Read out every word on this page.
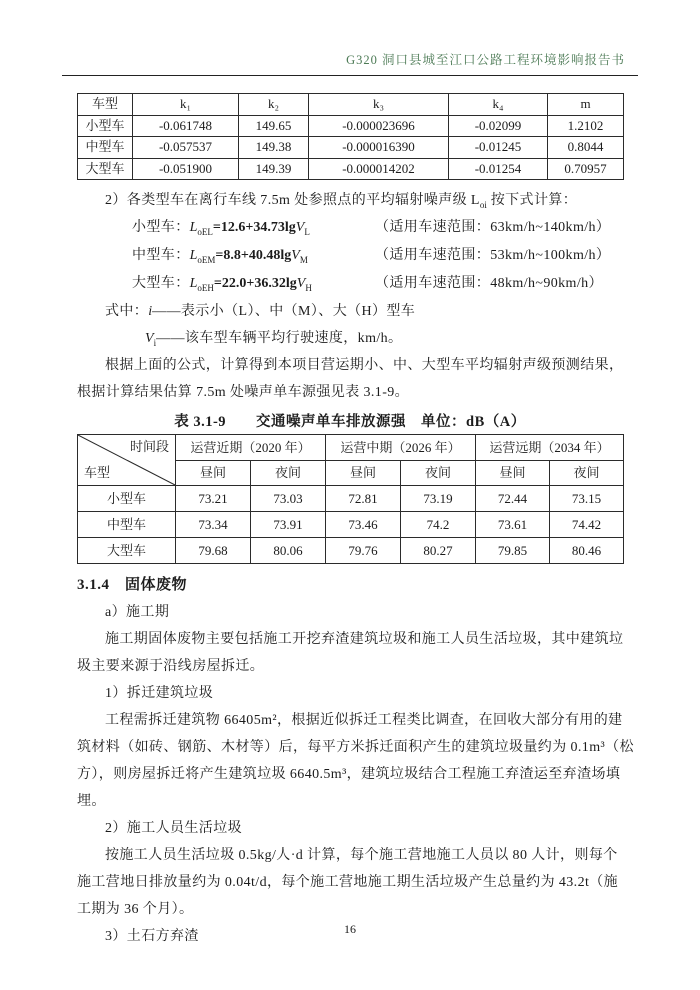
G320 洞口县城至江口公路工程环境影响报告书
车型	k₁	k₂	k₃	k₄	m
小型车	-0.061748	149.65	-0.000023696	-0.02099	1.2102
中型车	-0.057537	149.38	-0.000016390	-0.01245	0.8044
大型车	-0.051900	149.39	-0.000014202	-0.01254	0.70957
2）各类型车在离行车线 7.5m 处参照点的平均辐射噪声级 $L_{oi}$ 按下式计算：
小型车：$L_{oEL}=12.6+34.73\lg V_L$	（适用车速范围：63km/h~140km/h）
中型车：$L_{oEM}=8.8+40.48\lg V_M$	（适用车速范围：53km/h~100km/h）
大型车：$L_{oEH}=22.0+36.32\lg V_H$	（适用车速范围：48km/h~90km/h）
式中：i——表示小（L）、中（M）、大（H）型车
$V_i——$该车型车辆平均行驶速度，km/h。
根据上面的公式，计算得到本项目营运期小、中、大型车平均辐射声级预测结果，
根据计算结果估算 7.5m 处噪声单车源强见表 3.1-9。
表 3.1-9　　交通噪声单车排放源强　单位：dB（A）
时间段
车型	运营近期（2020 年）		运营中期（2026 年）		运营远期（2034 年）	
	昼间	夜间	昼间	夜间	昼间	夜间
小型车	73.21	73.03	72.81	73.19	72.44	73.15
中型车	73.34	73.91	73.46	74.2	73.61	74.42
大型车	79.68	80.06	79.76	80.27	79.85	80.46
3.1.4　固体废物
a）施工期
施工期固体废物主要包括施工开挖弃渣建筑垃圾和施工人员生活垃圾，其中建筑垃
圾主要来源于沿线房屋拆迁。
1）拆迁建筑垃圾
工程需拆迁建筑物 66405m²，根据近似拆迁工程类比调查，在回收大部分有用的建
筑材料（如砖、钢筋、木材等）后，每平方米拆迁面积产生的建筑垃圾量约为 0.1m³（松
方），则房屋拆迁将产生建筑垃圾 6640.5m³，建筑垃圾结合工程施工弃渣运至弃渣场填
埋。
2）施工人员生活垃圾
按施工人员生活垃圾 0.5kg/人·d 计算，每个施工营地施工人员以 80 人计，则每个
施工营地日排放量约为 0.04t/d，每个施工营地施工期生活垃圾产生总量约为 43.2t（施
工期为 36 个月）。
3）土石方弃渣	16
